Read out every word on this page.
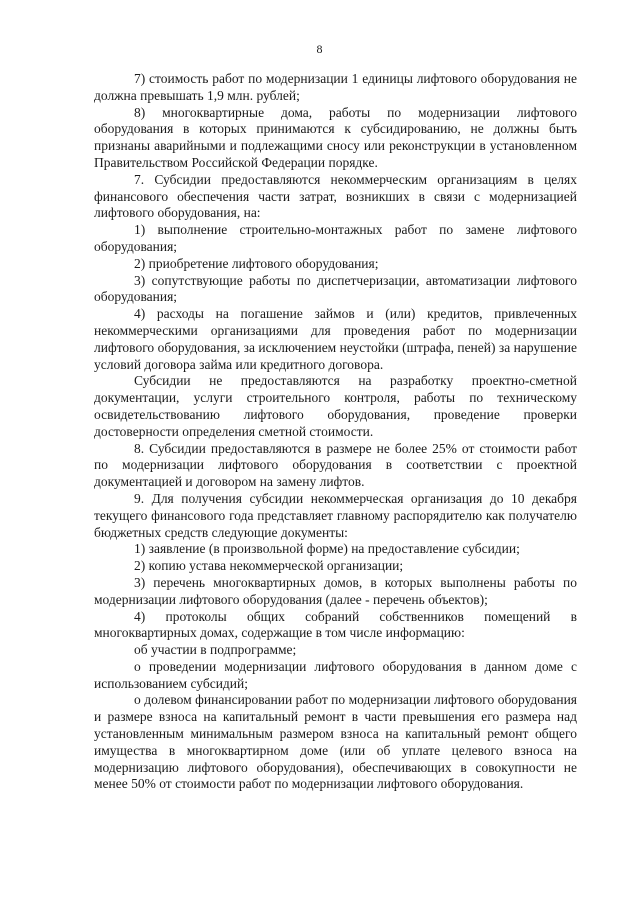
8

7) стоимость работ по модернизации 1 единицы лифтового оборудования не должна превышать 1,9 млн. рублей;

8) многоквартирные дома, работы по модернизации лифтового оборудования в которых принимаются к субсидированию, не должны быть признаны аварийными и подлежащими сносу или реконструкции в установленном Правительством Российской Федерации порядке.

7. Субсидии предоставляются некоммерческим организациям в целях финансового обеспечения части затрат, возникших в связи с модернизацией лифтового оборудования, на:

1) выполнение строительно-монтажных работ по замене лифтового оборудования;

2) приобретение лифтового оборудования;

3) сопутствующие работы по диспетчеризации, автоматизации лифтового оборудования;

4) расходы на погашение займов и (или) кредитов, привлеченных некоммерческими организациями для проведения работ по модернизации лифтового оборудования, за исключением неустойки (штрафа, пеней) за нарушение условий договора займа или кредитного договора.

Субсидии не предоставляются на разработку проектно-сметной документации, услуги строительного контроля, работы по техническому освидетельствованию лифтового оборудования, проведение проверки достоверности определения сметной стоимости.

8. Субсидии предоставляются в размере не более 25% от стоимости работ по модернизации лифтового оборудования в соответствии с проектной документацией и договором на замену лифтов.

9. Для получения субсидии некоммерческая организация до 10 декабря текущего финансового года представляет главному распорядителю как получателю бюджетных средств следующие документы:

1) заявление (в произвольной форме) на предоставление субсидии;

2) копию устава некоммерческой организации;

3) перечень многоквартирных домов, в которых выполнены работы по модернизации лифтового оборудования (далее - перечень объектов);

4) протоколы общих собраний собственников помещений в многоквартирных домах, содержащие в том числе информацию:

об участии в подпрограмме;

о проведении модернизации лифтового оборудования в данном доме с использованием субсидий;

о долевом финансировании работ по модернизации лифтового оборудования и размере взноса на капитальный ремонт в части превышения его размера над установленным минимальным размером взноса на капитальный ремонт общего имущества в многоквартирном доме (или об уплате целевого взноса на модернизацию лифтового оборудования), обеспечивающих в совокупности не менее 50% от стоимости работ по модернизации лифтового оборудования.
